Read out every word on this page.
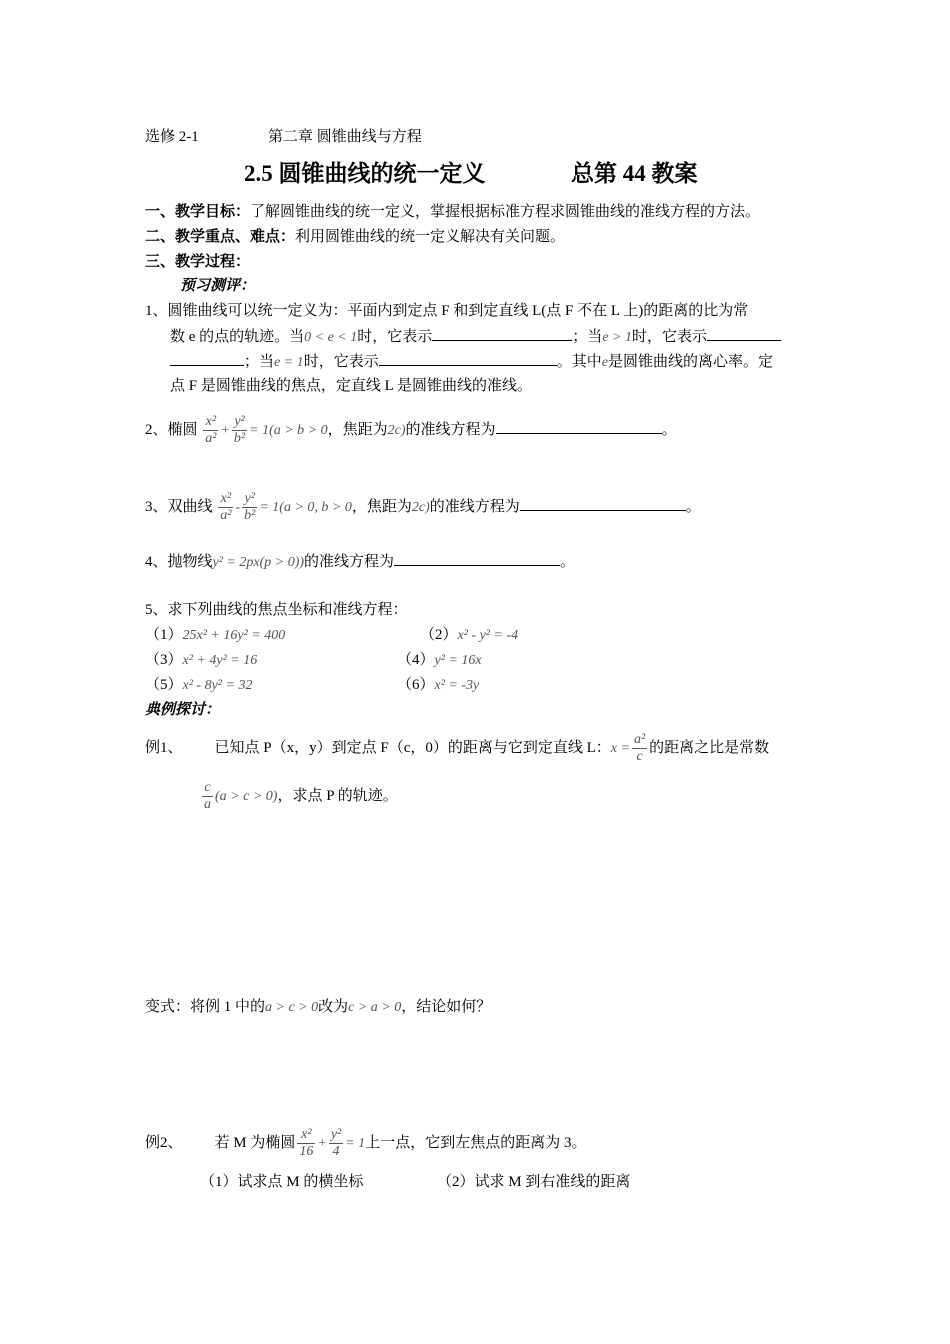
选修 2-1	第二章 圆锥曲线与方程
2.5 圆锥曲线的统一定义	总第 44 教案
一、教学目标：了解圆锥曲线的统一定义，掌握根据标准方程求圆锥曲线的准线方程的方法。
二、教学重点、难点：利用圆锥曲线的统一定义解决有关问题。
三、教学过程：
预习测评：
1、圆锥曲线可以统一定义为：平面内到定点 F 和到定直线 L(点 F 不在 L 上)的距离的比为常
数 e 的点的轨迹。当0 < e < 1时，它表示	；当e > 1时，它表示
；当e = 1时，它表示	。其中e是圆锥曲线的离心率。定
点 F 是圆锥曲线的焦点，定直线 L 是圆锥曲线的准线。
2、椭圆 $\frac{\text{x²}}{\text{a²}} + \frac{\text{y²}}{\text{b²}} = 1(a > b > 0$，焦距为2c)的准线方程为	。
3、双曲线 $\frac{\text{x²}}{\text{a²}} - \frac{\text{y²}}{\text{b²}} = 1(a > 0$, b > 0，焦距为2c)的准线方程为	。
4、抛物线y² = 2px(p > 0))的准线方程为	。
5、求下列曲线的焦点坐标和准线方程：
（1）25x² + 16y² = 400	（2）x² - y² = -4
（3）x² + 4y² = 16	（4）y² = 16x
（5）x² - 8y² = 32	（6）x² = -3y
典例探讨：
例1、 已知点 P（x，y）到定点 F（c，0）的距离与它到定直线 L：$x = \frac{\text{a²}}{c}$ 的距离之比是常数
$\frac{c}{a} (a > c > 0)$，求点 P 的轨迹。
变式：将例 1 中的a > c > 0改为c > a > 0，结论如何？
例2、 若 M 为椭圆 $\frac{\text{x²}}{16} + \frac{\text{y²}}{4} = 1$上一点，它到左焦点的距离为 3。
（1）试求点 M 的横坐标	（2）试求 M 到右准线的距离
